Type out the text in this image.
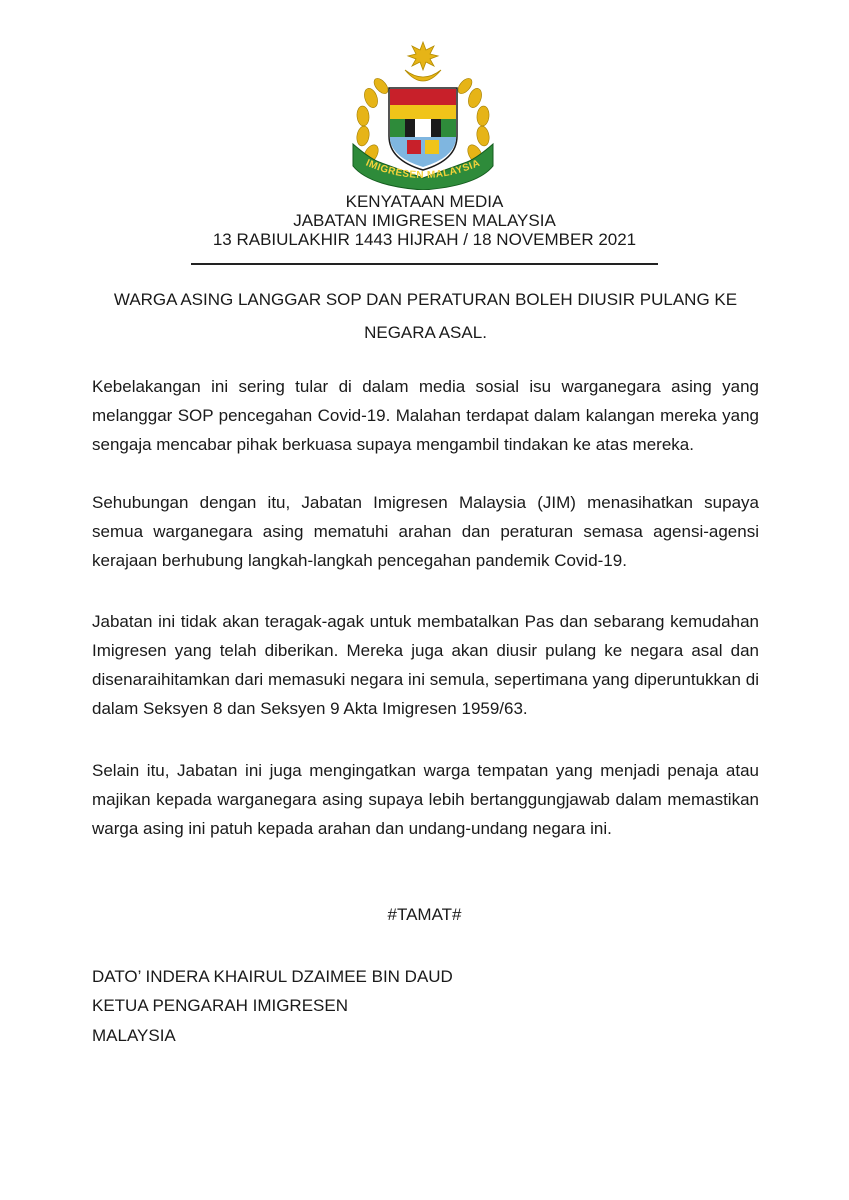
IMIGRESEN MALAYSIA
KENYATAAN MEDIA
JABATAN IMIGRESEN MALAYSIA
13 RABIULAKHIR 1443 HIJRAH / 18 NOVEMBER 2021
WARGA ASING LANGGAR SOP DAN PERATURAN BOLEH DIUSIR PULANG KE NEGARA ASAL.

Kebelakangan ini sering tular di dalam media sosial isu warganegara asing yang melanggar SOP pencegahan Covid-19. Malahan terdapat dalam kalangan mereka yang sengaja mencabar pihak berkuasa supaya mengambil tindakan ke atas mereka.

Sehubungan dengan itu, Jabatan Imigresen Malaysia (JIM) menasihatkan supaya semua warganegara asing mematuhi arahan dan peraturan semasa agensi-agensi kerajaan berhubung langkah-langkah pencegahan pandemik Covid-19.

Jabatan ini tidak akan teragak-agak untuk membatalkan Pas dan sebarang kemudahan Imigresen yang telah diberikan. Mereka juga akan diusir pulang ke negara asal dan disenaraihitamkan dari memasuki negara ini semula, sepertimana yang diperuntukkan di dalam Seksyen 8 dan Seksyen 9 Akta Imigresen 1959/63.

Selain itu, Jabatan ini juga mengingatkan warga tempatan yang menjadi penaja atau majikan kepada warganegara asing supaya lebih bertanggungjawab dalam memastikan warga asing ini patuh kepada arahan dan undang-undang negara ini.

#TAMAT#
DATO’ INDERA KHAIRUL DZAIMEE BIN DAUD
KETUA PENGARAH IMIGRESEN
MALAYSIA
